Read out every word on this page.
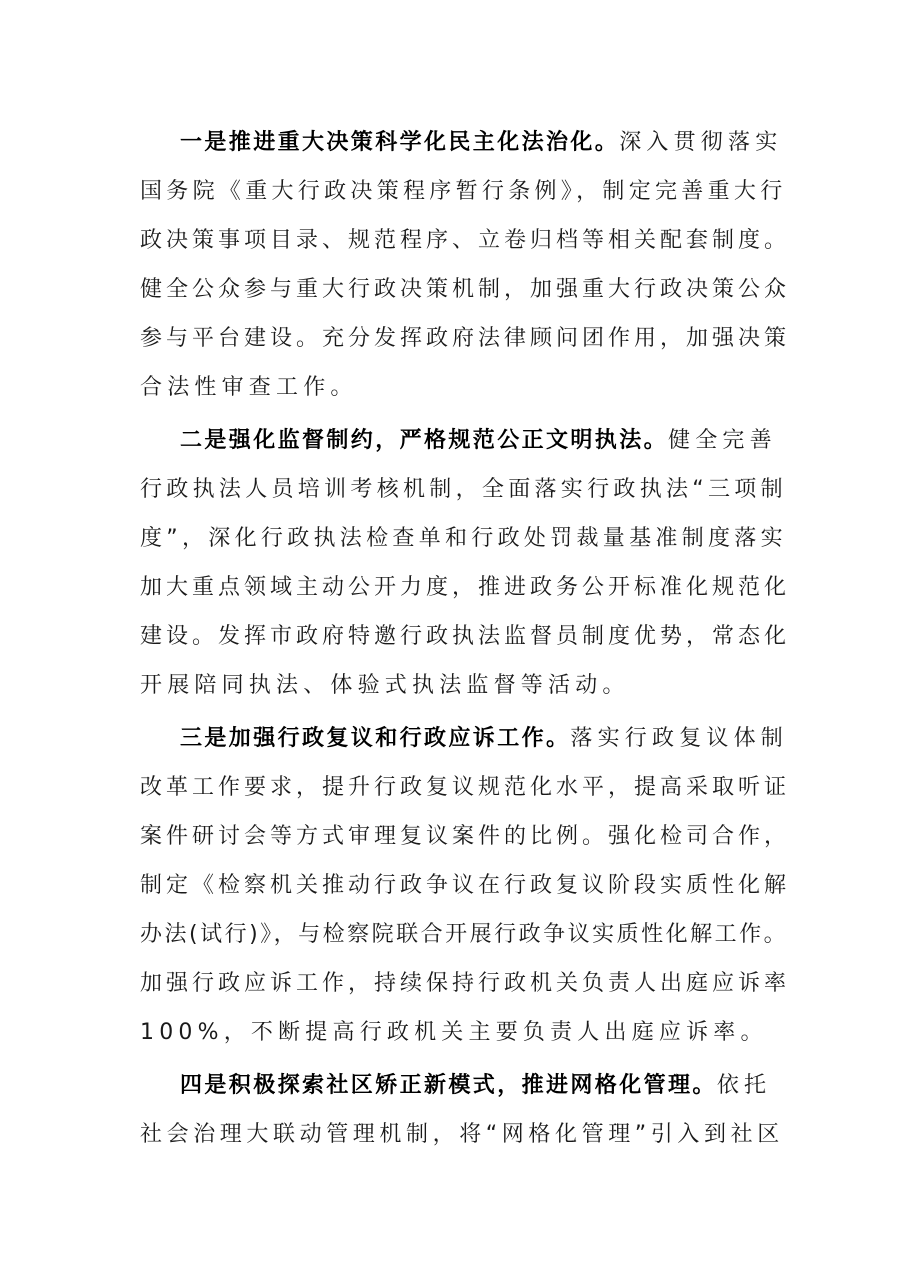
一是推进重大决策科学化民主化法治化。深入贯彻落实
国务院《重大行政决策程序暂行条例》，制定完善重大行
政决策事项目录、规范程序、立卷归档等相关配套制度。
健全公众参与重大行政决策机制，加强重大行政决策公众
参与平台建设。充分发挥政府法律顾问团作用，加强决策
合法性审查工作。
二是强化监督制约，严格规范公正文明执法。健全完善
行政执法人员培训考核机制，全面落实行政执法“三项制
度”，深化行政执法检查单和行政处罚裁量基准制度落实
加大重点领域主动公开力度，推进政务公开标准化规范化
建设。发挥市政府特邀行政执法监督员制度优势，常态化
开展陪同执法、体验式执法监督等活动。
三是加强行政复议和行政应诉工作。落实行政复议体制
改革工作要求，提升行政复议规范化水平，提高采取听证
案件研讨会等方式审理复议案件的比例。强化检司合作，
制定《检察机关推动行政争议在行政复议阶段实质性化解
办法(试行)》，与检察院联合开展行政争议实质性化解工作。
加强行政应诉工作，持续保持行政机关负责人出庭应诉率
100%，不断提高行政机关主要负责人出庭应诉率。
四是积极探索社区矫正新模式，推进网格化管理。依托
社会治理大联动管理机制，将“网格化管理”引入到社区
